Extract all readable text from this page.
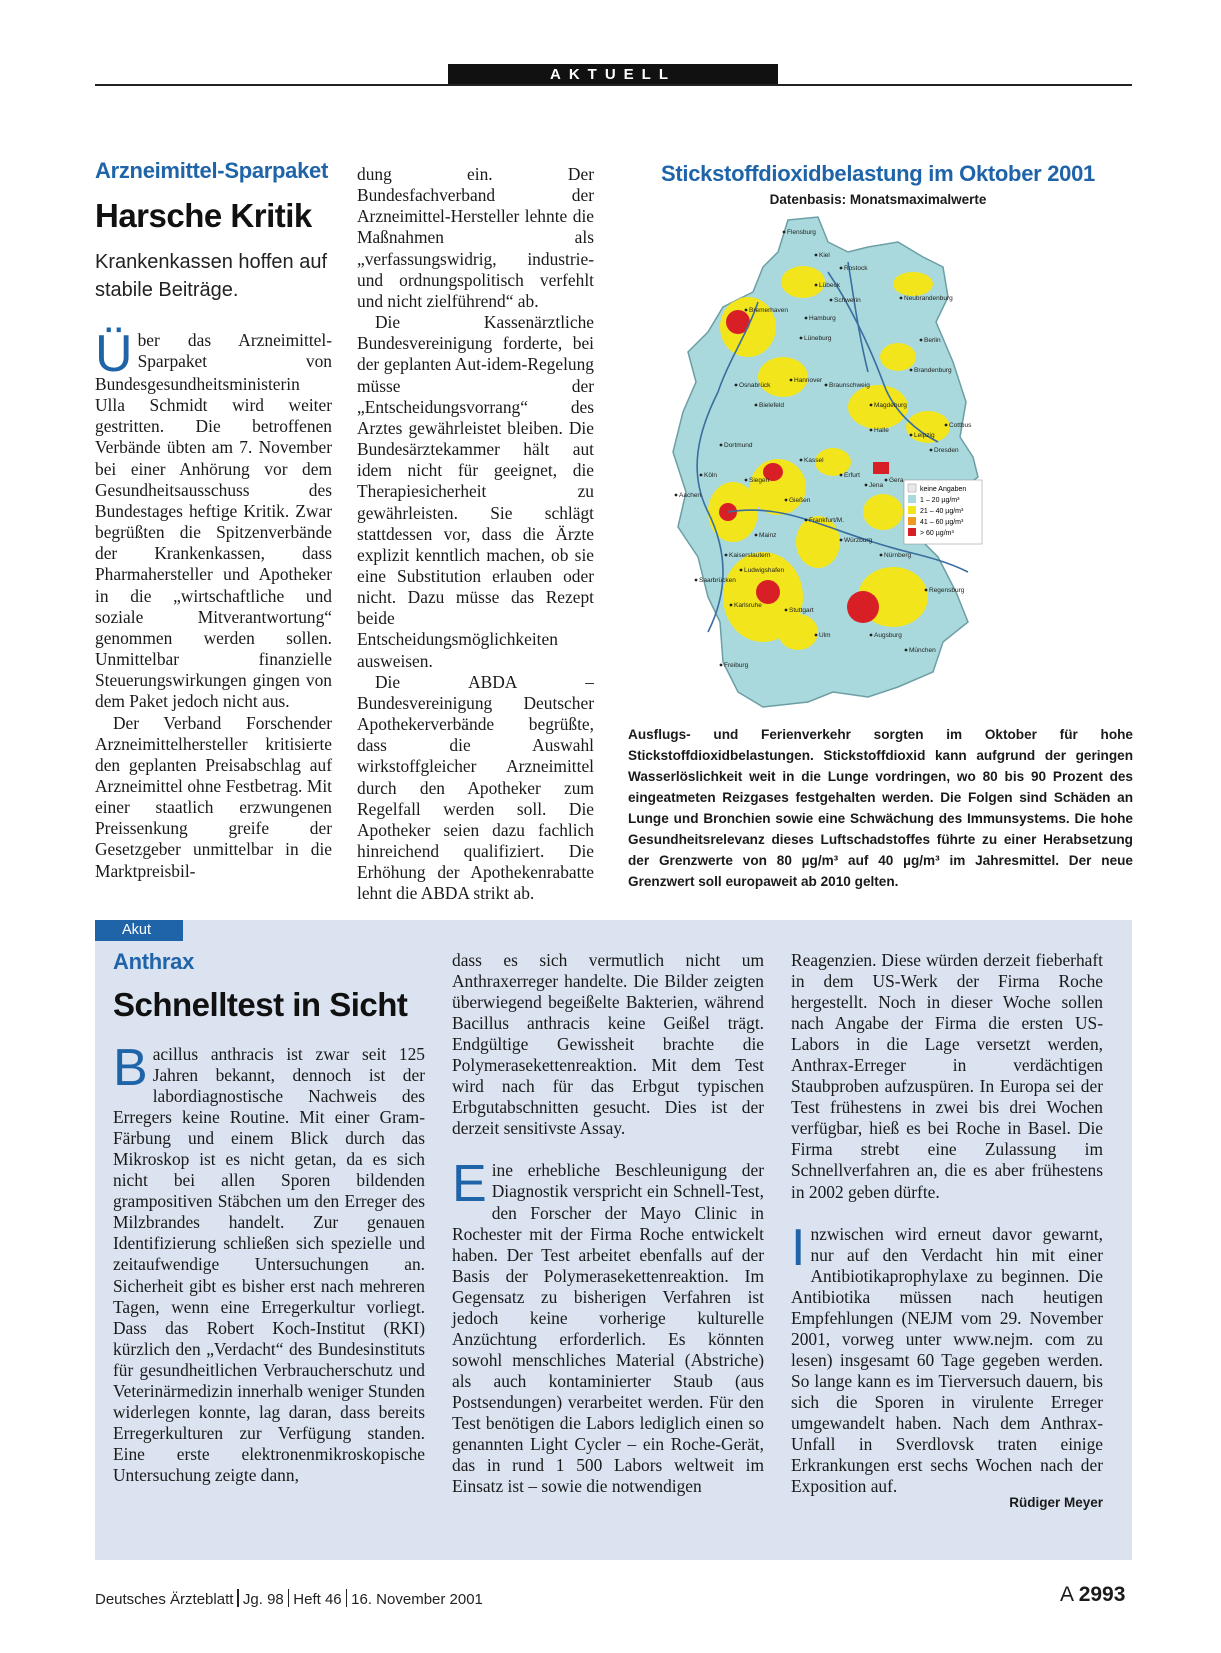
AKTUELL
Arzneimittel-Sparpaket
Harsche Kritik
Krankenkassen hoffen auf stabile Beiträge.

Über das Arzneimittel-Sparpaket von Bundesgesundheitsministerin Ulla Schmidt wird weiter gestritten. Die betroffenen Verbände übten am 7. November bei einer Anhörung vor dem Gesundheitsausschuss des Bundestages heftige Kritik. Zwar begrüßten die Spitzenverbände der Krankenkassen, dass Pharmahersteller und Apotheker in die „wirtschaftliche und soziale Mitverantwortung“ genommen werden sollen. Unmittelbar finanzielle Steuerungswirkungen gingen von dem Paket jedoch nicht aus.

Der Verband Forschender Arzneimittelhersteller kritisierte den geplanten Preisabschlag auf Arzneimittel ohne Festbetrag. Mit einer staatlich erzwungenen Preissenkung greife der Gesetzgeber unmittelbar in die Marktpreisbil-

dung ein. Der Bundesfachverband der Arzneimittel-Hersteller lehnte die Maßnahmen als „verfassungswidrig, industrie- und ordnungspolitisch verfehlt und nicht zielführend“ ab.

Die Kassenärztliche Bundesvereinigung forderte, bei der geplanten Aut-idem-Regelung müsse der „Entscheidungsvorrang“ des Arztes gewährleistet bleiben. Die Bundesärztekammer hält aut idem nicht für geeignet, die Therapiesicherheit zu gewährleisten. Sie schlägt stattdessen vor, dass die Ärzte explizit kenntlich machen, ob sie eine Substitution erlauben oder nicht. Dazu müsse das Rezept beide Entscheidungsmöglichkeiten ausweisen.

Die ABDA – Bundesvereinigung Deutscher Apothekerverbände begrüßte, dass die Auswahl wirkstoffgleicher Arzneimittel durch den Apotheker zum Regelfall werden soll. Die Apotheker seien dazu fachlich hinreichend qualifiziert. Die Erhöhung der Apothekenrabatte lehnt die ABDA strikt ab.

Stickstoffdioxidbelastung im Oktober 2001
Datenbasis: Monatsmaximalwerte
keine Angaben
1 – 20 µg/m³
21 – 40 µg/m³
41 – 60 µg/m³
> 60 µg/m³
Flensburg
Kiel
Rostock
Lübeck
Schwerin	Neubrandenburg
Bremerhaven
Hamburg
Lüneburg	Berlin
Hannover
Braunschweig
Brandenburg
Osnabrück
Bielefeld	Magdeburg
Cottbus
Halle
Leipzig
Dresden
Dortmund
Kassel
Erfurt
Gera
Köln
Aachen
Siegen
Gießen
Jena
Frankfurt/M.
Würzburg
Mainz
Kaiserslautern
Saarbrücken
Ludwigshafen
Nürnberg
Regensburg
Karlsruhe
Stuttgart
Ulm	Augsburg
München
Freiburg
Ausflugs- und Ferienverkehr sorgten im Oktober für hohe Stickstoffdioxidbelastungen. Stickstoffdioxid kann aufgrund der geringen Wasserlöslichkeit weit in die Lunge vordringen, wo 80 bis 90 Prozent des eingeatmeten Reizgases festgehalten werden. Die Folgen sind Schäden an Lunge und Bronchien sowie eine Schwächung des Immunsystems. Die hohe Gesundheitsrelevanz dieses Luftschadstoffes führte zu einer Herabsetzung der Grenzwerte von 80 µg/m³ auf 40 µg/m³ im Jahresmittel. Der neue Grenzwert soll europaweit ab 2010 gelten.
Akut
Anthrax
Schnelltest in Sicht

Bacillus anthracis ist zwar seit 125 Jahren bekannt, dennoch ist der labordiagnostische Nachweis des Erregers keine Routine. Mit einer Gram-Färbung und einem Blick durch das Mikroskop ist es nicht getan, da es sich nicht bei allen Sporen bildenden grampositiven Stäbchen um den Erreger des Milzbrandes handelt. Zur genauen Identifizierung schließen sich spezielle und zeitaufwendige Untersuchungen an. Sicherheit gibt es bisher erst nach mehreren Tagen, wenn eine Erregerkultur vorliegt. Dass das Robert Koch-Institut (RKI) kürzlich den „Verdacht“ des Bundesinstituts für gesundheitlichen Verbraucherschutz und Veterinärmedizin innerhalb weniger Stunden widerlegen konnte, lag daran, dass bereits Erregerkulturen zur Verfügung standen. Eine erste elektronenmikroskopische Untersuchung zeigte dann,

dass es sich vermutlich nicht um Anthraxerreger handelte. Die Bilder zeigten überwiegend begeißelte Bakterien, während Bacillus anthracis keine Geißel trägt. Endgültige Gewissheit brachte die Polymerasekettenreaktion. Mit dem Test wird nach für das Erbgut typischen Erbgutabschnitten gesucht. Dies ist der derzeit sensitivste Assay.

Eine erhebliche Beschleunigung der Diagnostik verspricht ein Schnell-Test, den Forscher der Mayo Clinic in Rochester mit der Firma Roche entwickelt haben. Der Test arbeitet ebenfalls auf der Basis der Polymerasekettenreaktion. Im Gegensatz zu bisherigen Verfahren ist jedoch keine vorherige kulturelle Anzüchtung erforderlich. Es könnten sowohl menschliches Material (Abstriche) als auch kontaminierter Staub (aus Postsendungen) verarbeitet werden. Für den Test benötigen die Labors lediglich einen so genannten Light Cycler – ein Roche-Gerät, das in rund 1 500 Labors weltweit im Einsatz ist – sowie die notwendigen

Reagenzien. Diese würden derzeit fieberhaft in dem US-Werk der Firma Roche hergestellt. Noch in dieser Woche sollen nach Angabe der Firma die ersten US-Labors in die Lage versetzt werden, Anthrax-Erreger in verdächtigen Staubproben aufzuspüren. In Europa sei der Test frühestens in zwei bis drei Wochen verfügbar, hieß es bei Roche in Basel. Die Firma strebt eine Zulassung im Schnellverfahren an, die es aber frühestens in 2002 geben dürfte.

Inzwischen wird erneut davor gewarnt, nur auf den Verdacht hin mit einer Antibiotikaprophylaxe zu beginnen. Die Antibiotika müssen nach heutigen Empfehlungen (NEJM vom 29. November 2001, vorweg unter www.nejm. com zu lesen) insgesamt 60 Tage gegeben werden. So lange kann es im Tierversuch dauern, bis sich die Sporen in virulente Erreger umgewandelt haben. Nach dem Anthrax-Unfall in Sverdlovsk traten einige Erkrankungen erst sechs Wochen nach der Exposition auf.

Rüdiger Meyer
Deutsches Ärzteblatt Jg. 98 Heft 46 16. November 2001	A 2993
